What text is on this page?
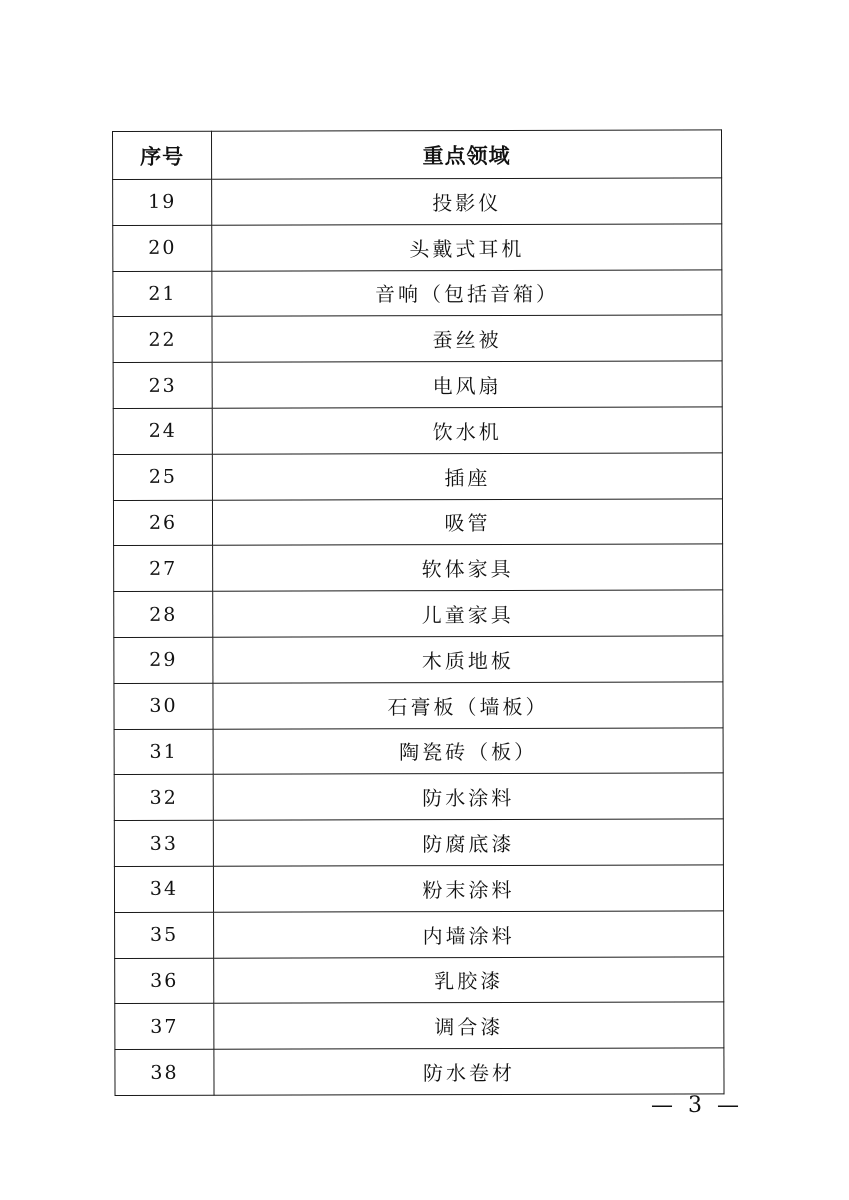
序号	重点领域
19	投影仪
20	头戴式耳机
21	音响（包括音箱）
22	蚕丝被
23	电风扇
24	饮水机
25	插座
26	吸管
27	软体家具
28	儿童家具
29	木质地板
30	石膏板（墙板）
31	陶瓷砖（板）
32	防水涂料
33	防腐底漆
34	粉末涂料
35	内墙涂料
36	乳胶漆
37	调合漆
38	防水卷材
— 3 —
